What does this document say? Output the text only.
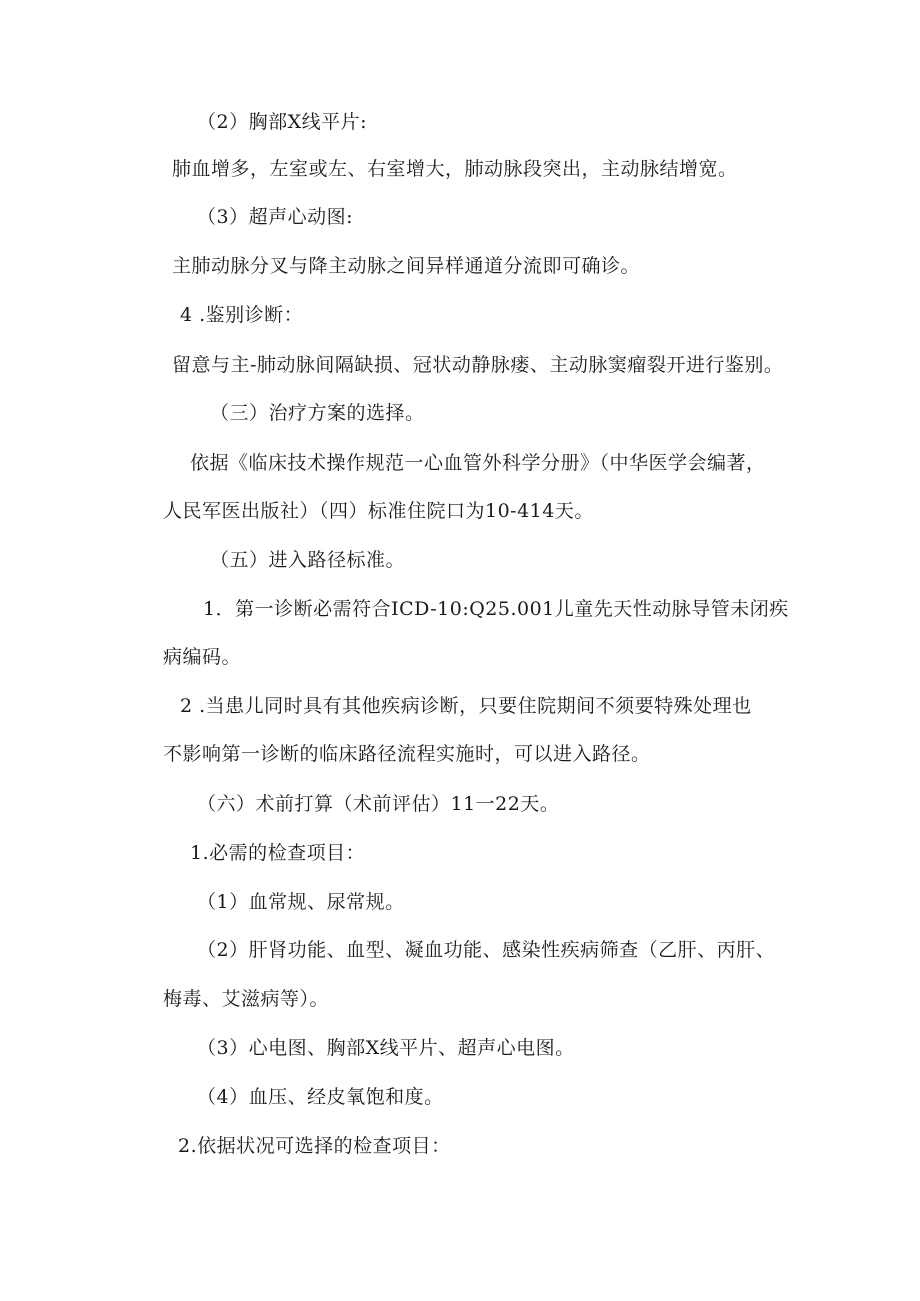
（2）胸部X线平片:
肺血增多，左室或左、右室增大，肺动脉段突出，主动脉结增宽。
（3）超声心动图:
主肺动脉分叉与降主动脉之间异样通道分流即可确诊。
4 .鉴别诊断：
留意与主-肺动脉间隔缺损、冠状动静脉瘘、主动脉窦瘤裂开进行鉴别。
（三）治疗方案的选择。
依据《临床技术操作规范一心血管外科学分册》（中华医学会编著，
人民军医出版社）（四）标准住院口为10-414天。
（五）进入路径标准。
1．第一诊断必需符合ICD-10:Q25.001儿童先天性动脉导管未闭疾
病编码。
2 .当患儿同时具有其他疾病诊断，只要住院期间不须要特殊处理也
不影响第一诊断的临床路径流程实施时，可以进入路径。
（六）术前打算（术前评估）11一22天。
1.必需的检查项目：
（1）血常规、尿常规。
（2）肝肾功能、血型、凝血功能、感染性疾病筛查（乙肝、丙肝、
梅毒、艾滋病等）。
（3）心电图、胸部X线平片、超声心电图。
（4）血压、经皮氧饱和度。
2.依据状况可选择的检查项目：
